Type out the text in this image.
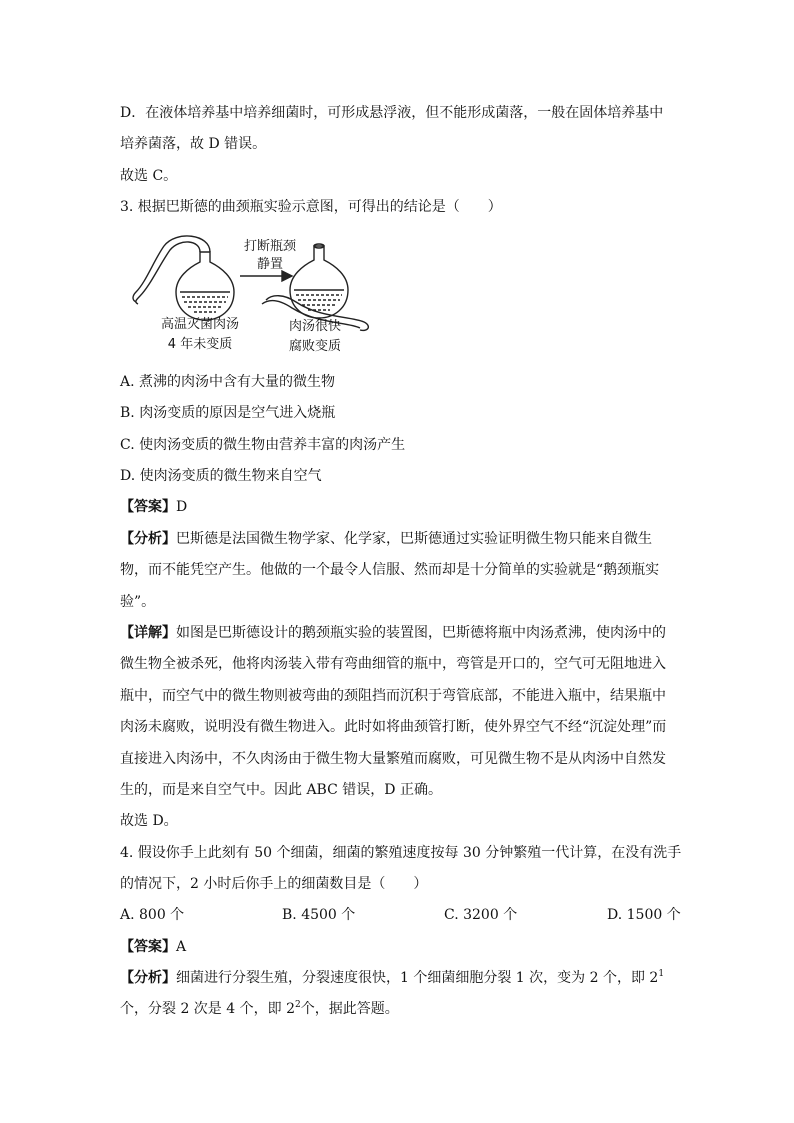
D．在液体培养基中培养细菌时，可形成悬浮液，但不能形成菌落，一般在固体培养基中
培养菌落，故 D 错误。
故选 C。
3. 根据巴斯德的曲颈瓶实验示意图，可得出的结论是（　　）
打断瓶颈
静置
高温灭菌肉汤
4 年未变质
肉汤很快
腐败变质
A. 煮沸的肉汤中含有大量的微生物
B. 肉汤变质的原因是空气进入烧瓶
C. 使肉汤变质的微生物由营养丰富的肉汤产生
D. 使肉汤变质的微生物来自空气
【答案】D
【分析】巴斯德是法国微生物学家、化学家，巴斯德通过实验证明微生物只能来自微生
物，而不能凭空产生。他做的一个最令人信服、然而却是十分简单的实验就是“鹅颈瓶实
验”。
【详解】如图是巴斯德设计的鹅颈瓶实验的装置图，巴斯德将瓶中肉汤煮沸，使肉汤中的
微生物全被杀死，他将肉汤装入带有弯曲细管的瓶中，弯管是开口的，空气可无阻地进入
瓶中，而空气中的微生物则被弯曲的颈阻挡而沉积于弯管底部，不能进入瓶中，结果瓶中
肉汤未腐败，说明没有微生物进入。此时如将曲颈管打断，使外界空气不经“沉淀处理”而
直接进入肉汤中，不久肉汤由于微生物大量繁殖而腐败，可见微生物不是从肉汤中自然发
生的，而是来自空气中。因此 ABC 错误，D 正确。
故选 D。
4. 假设你手上此刻有 50 个细菌，细菌的繁殖速度按每 30 分钟繁殖一代计算，在没有洗手
的情况下，2 小时后你手上的细菌数目是（　　）
A. 800 个	B. 4500 个	C. 3200 个	D. 1500 个
【答案】A
【分析】细菌进行分裂生殖，分裂速度很快，1 个细菌细胞分裂 1 次，变为 2 个，即 $2^1$
个，分裂 2 次是 4 个，即 $2^2$个，据此答题。
